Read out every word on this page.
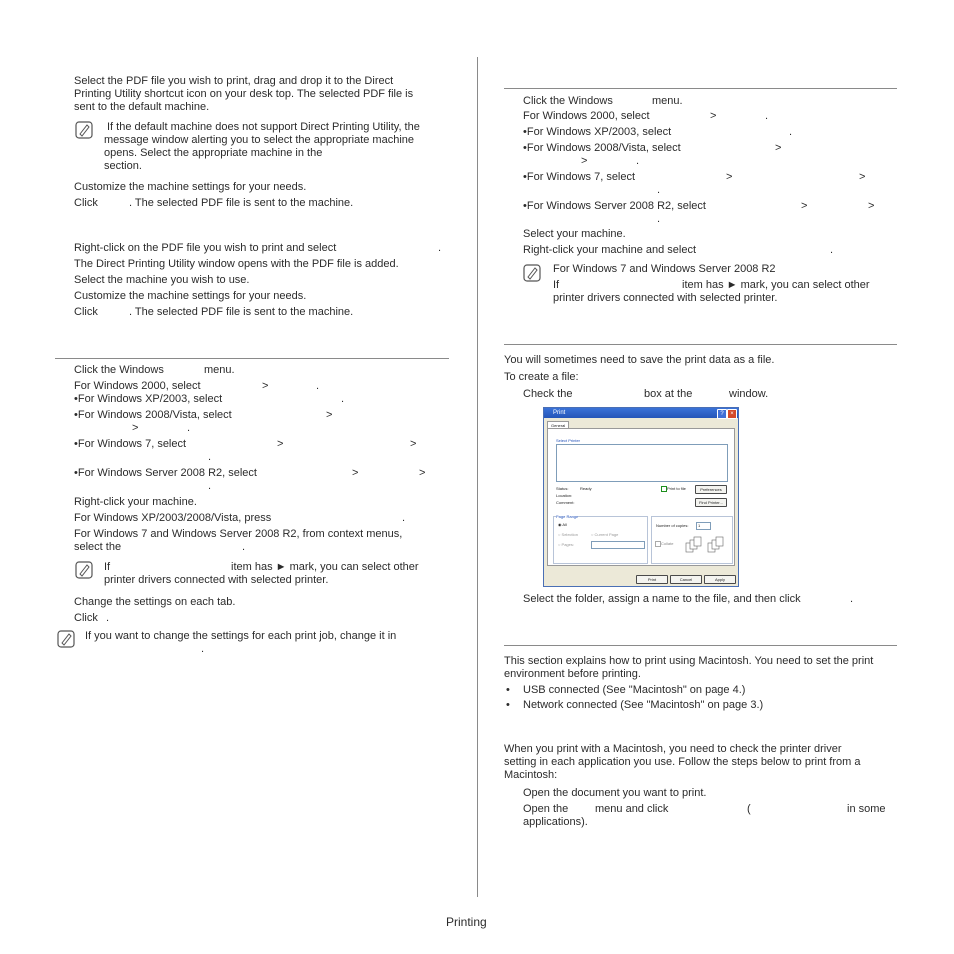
Select the PDF file you wish to print, drag and drop it to the Direct
Printing Utility shortcut icon on your desk top. The selected PDF file is
sent to the default machine.
If the default machine does not support Direct Printing Utility, the
message window alerting you to select the appropriate machine
opens. Select the appropriate machine in the
section.
Customize the machine settings for your needs.
Click	. The selected PDF file is sent to the machine.
Right-click on the PDF file you wish to print and select	.
The Direct Printing Utility window opens with the PDF file is added.
Select the machine you wish to use.
Customize the machine settings for your needs.
Click	. The selected PDF file is sent to the machine.
Click the Windows	menu.
For Windows 2000, select	>	.
•For Windows XP/2003, select	.
•For Windows 2008/Vista, select	>
>	.
•For Windows 7, select	>	>
.
•For Windows Server 2008 R2, select	>	>
.
Right-click your machine.
For Windows XP/2003/2008/Vista, press	.
For Windows 7 and Windows Server 2008 R2, from context menus,
select the	.
If	item has ► mark, you can select other
printer drivers connected with selected printer.
Change the settings on each tab.
Click .
If you want to change the settings for each print job, change it in
.
Click the Windows	menu.
For Windows 2000, select	>	.
•For Windows XP/2003, select	.
•For Windows 2008/Vista, select	>
>	.
•For Windows 7, select	>	>
.
•For Windows Server 2008 R2, select	>	>
.
Select your machine.
Right-click your machine and select	.
For Windows 7 and Windows Server 2008 R2
If	item has ► mark, you can select other
printer drivers connected with selected printer.
You will sometimes need to save the print data as a file.
To create a file:
Check the	box at the	window.
Print	?	×
General
Select Printer
Status:	Ready
Location:
Comment:
Print to file	Preferences
Find Printer...
Page Range
◉ All
○ Selection	○ Current Page
○ Pages:
Number of copies:	1
Collate
Print	Cancel	Apply
Select the folder, assign a name to the file, and then click	.
This section explains how to print using Macintosh. You need to set the print
environment before printing.
• USB connected (See "Macintosh" on page 4.)
• Network connected (See "Macintosh" on page 3.)
When you print with a Macintosh, you need to check the printer driver
setting in each application you use. Follow the steps below to print from a
Macintosh:
Open the document you want to print.
Open the menu and click	(	in some
applications).
Printing
